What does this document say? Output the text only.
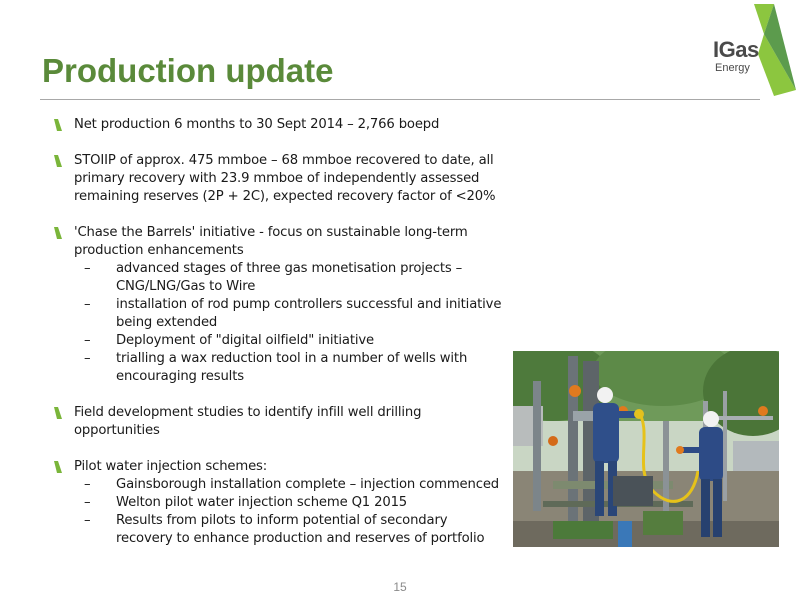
Production update
IGas
Energy
Net production 6 months to 30 Sept 2014 – 2,766 boepd
STOIIP of approx. 475 mmboe – 68 mmboe recovered to date, all primary recovery with 23.9 mmboe of independently assessed remaining reserves (2P + 2C), expected recovery factor of <20%
'Chase the Barrels' initiative - focus on sustainable long-term production enhancements
– advanced stages of three gas monetisation projects – CNG/LNG/Gas to Wire
– installation of rod pump controllers successful and initiative being extended
– Deployment of "digital oilfield" initiative
– trialling a wax reduction tool in a number of wells with encouraging results
Field development studies to identify infill well drilling opportunities
Pilot water injection schemes:
– Gainsborough installation complete – injection commenced
– Welton pilot water injection scheme Q1 2015
– Results from pilots to inform potential of secondary recovery to enhance production and reserves of portfolio
15
